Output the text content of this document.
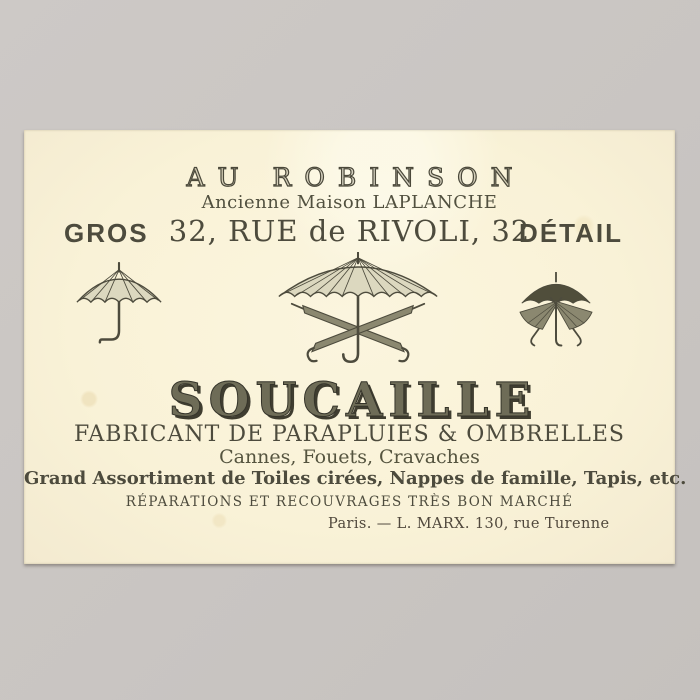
AU ROBINSON
Ancienne Maison LAPLANCHE
GROS 32, RUE de RIVOLI, 32
DÉTAIL
SOUCAILLE
FABRICANT DE PARAPLUIES & OMBRELLES
Cannes, Fouets, Cravaches
Grand Assortiment de Toiles cirées, Nappes de famille, Tapis, etc.
RÉPARATIONS ET RECOUVRAGES TRÈS BON MARCHÉ
Paris. — L. MARX. 130, rue Turenne
